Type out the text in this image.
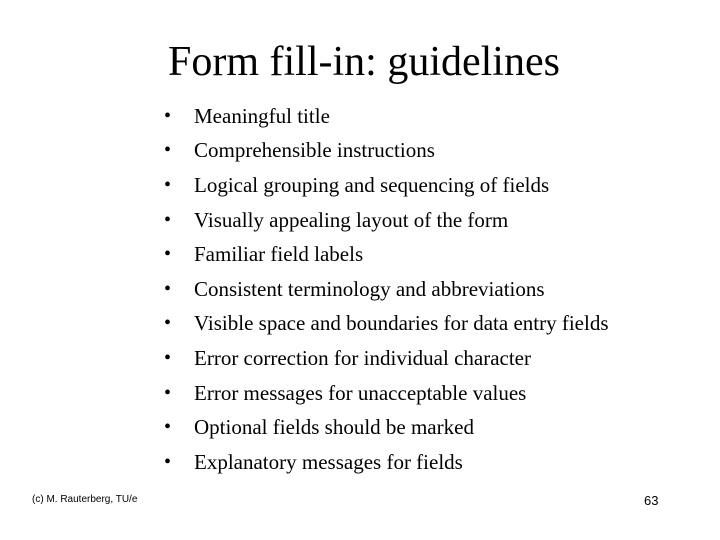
Form fill-in: guidelines
•	Meaningful title
•	Comprehensible instructions
•	Logical grouping and sequencing of fields
•	Visually appealing layout of the form
•	Familiar field labels
•	Consistent terminology and abbreviations
•	Visible space and boundaries for data entry fields
•	Error correction for individual character
•	Error messages for unacceptable values
•	Optional fields should be marked
•	Explanatory messages for fields
(c) M. Rauterberg, TU/e	63
